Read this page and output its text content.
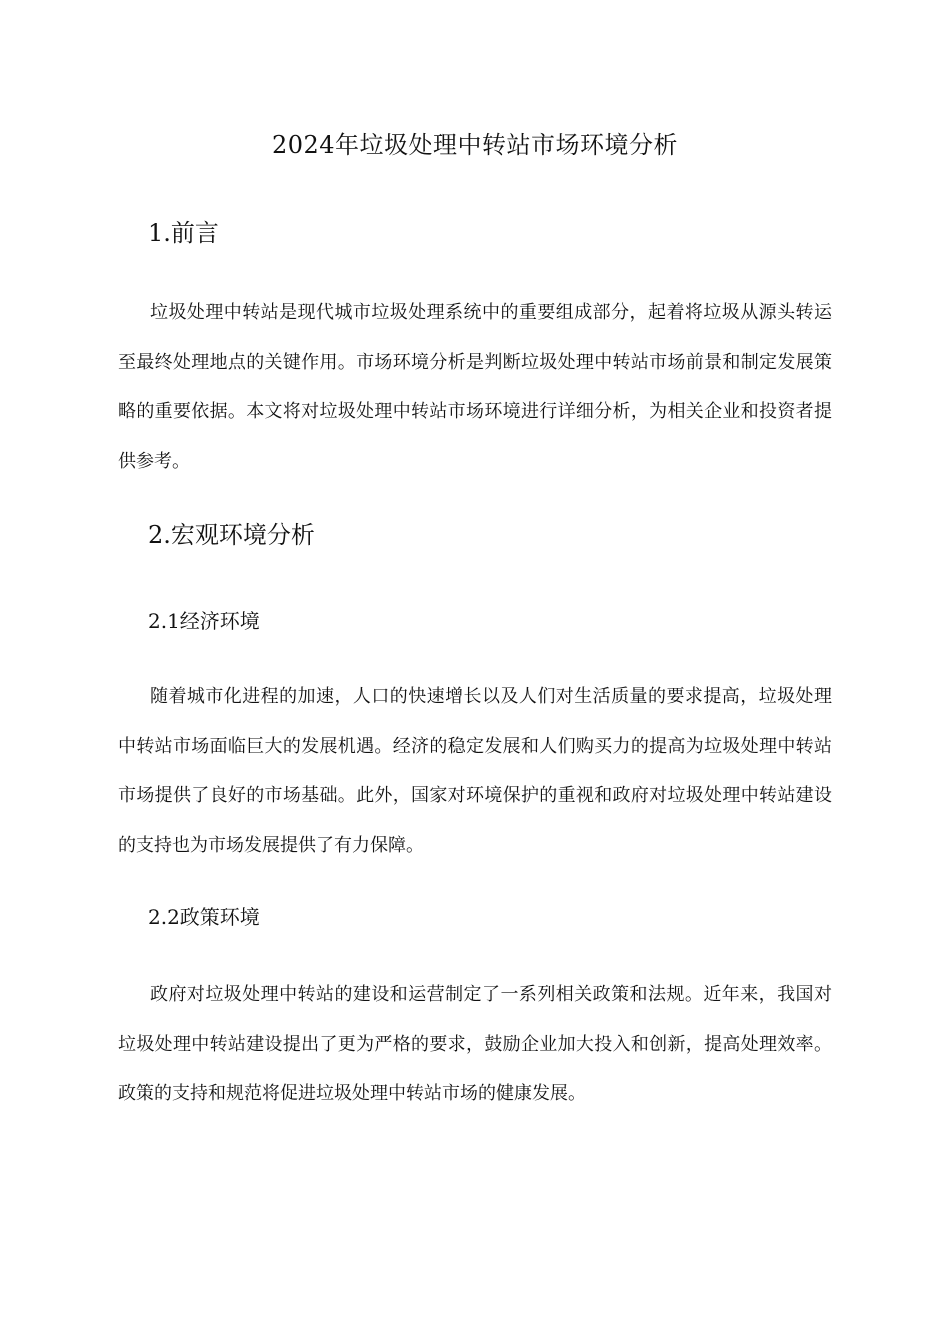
2024年垃圾处理中转站市场环境分析
1.前言

垃圾处理中转站是现代城市垃圾处理系统中的重要组成部分，起着将垃圾从源头转运至最终处理地点的关键作用。市场环境分析是判断垃圾处理中转站市场前景和制定发展策略的重要依据。本文将对垃圾处理中转站市场环境进行详细分析，为相关企业和投资者提供参考。

2.宏观环境分析
2.1经济环境

随着城市化进程的加速，人口的快速增长以及人们对生活质量的要求提高，垃圾处理中转站市场面临巨大的发展机遇。经济的稳定发展和人们购买力的提高为垃圾处理中转站市场提供了良好的市场基础。此外，国家对环境保护的重视和政府对垃圾处理中转站建设的支持也为市场发展提供了有力保障。

2.2政策环境

政府对垃圾处理中转站的建设和运营制定了一系列相关政策和法规。近年来，我国对垃圾处理中转站建设提出了更为严格的要求，鼓励企业加大投入和创新，提高处理效率。政策的支持和规范将促进垃圾处理中转站市场的健康发展。
